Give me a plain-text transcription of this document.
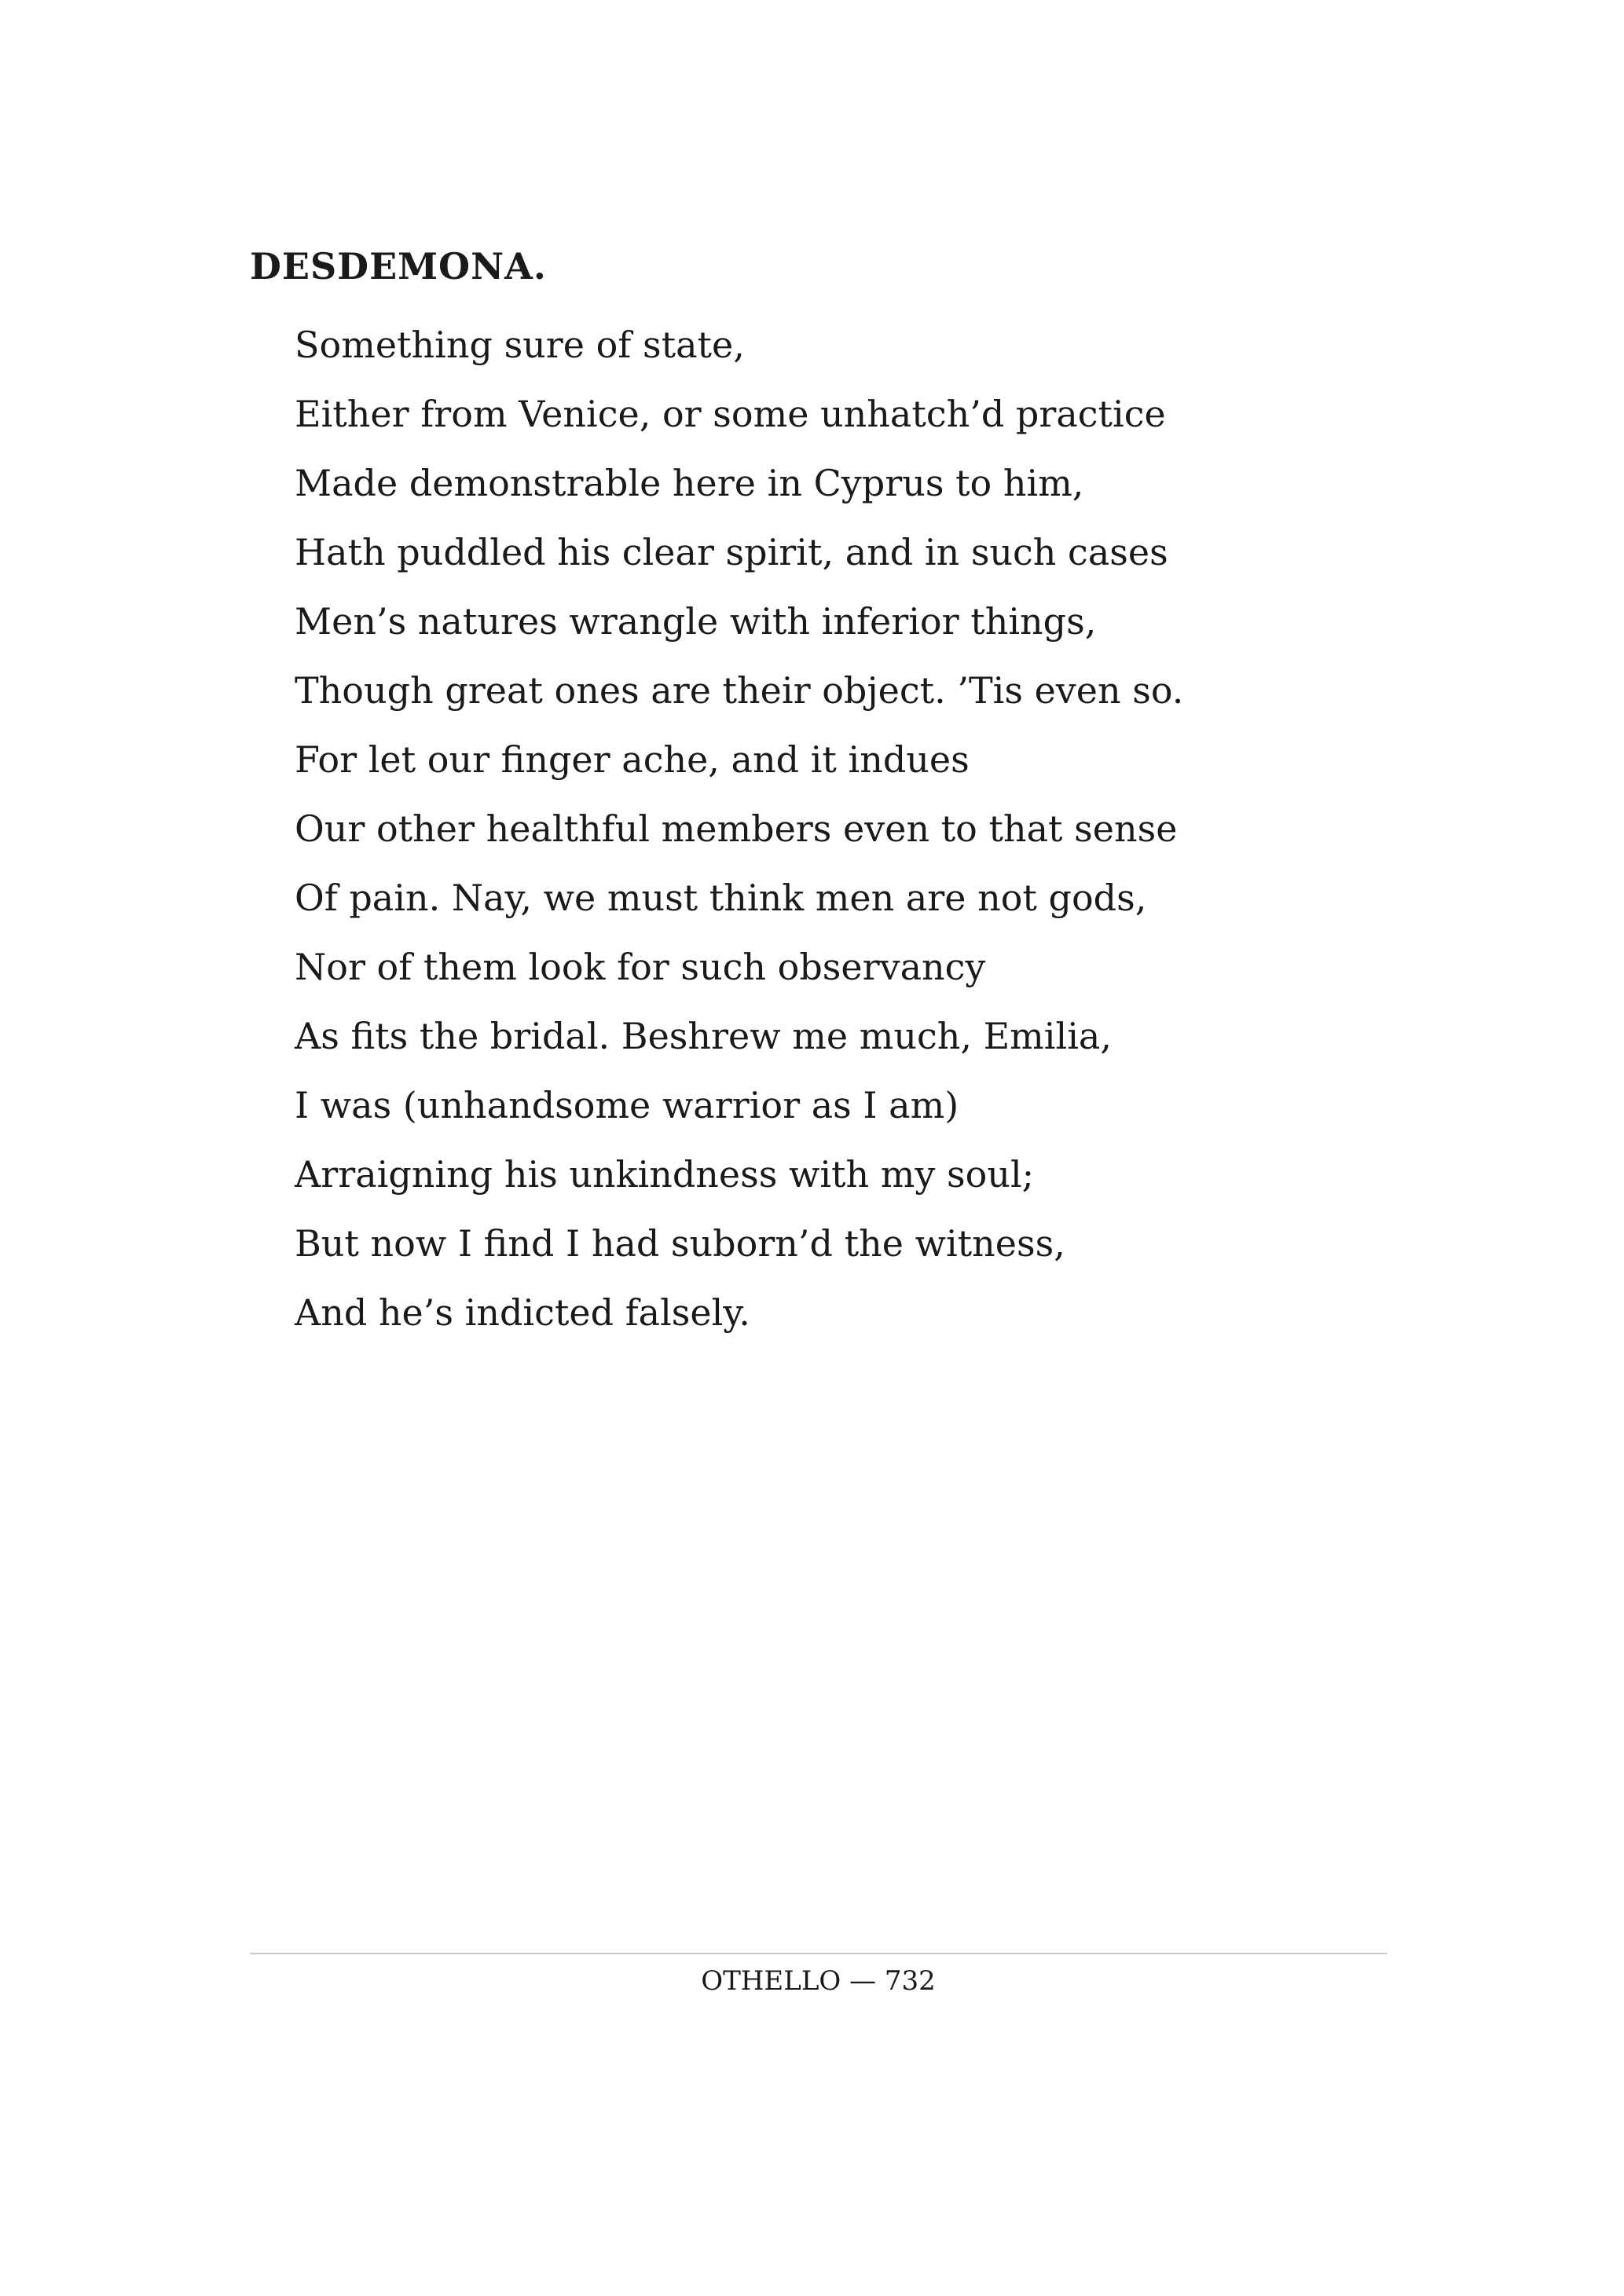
DESDEMONA.
Something sure of state,
Either from Venice, or some unhatch’d practice
Made demonstrable here in Cyprus to him,
Hath puddled his clear spirit, and in such cases
Men’s natures wrangle with inferior things,
Though great ones are their object. ’Tis even so.
For let our finger ache, and it indues
Our other healthful members even to that sense
Of pain. Nay, we must think men are not gods,
Nor of them look for such observancy
As fits the bridal. Beshrew me much, Emilia,
I was (unhandsome warrior as I am)
Arraigning his unkindness with my soul;
But now I find I had suborn’d the witness,
And he’s indicted falsely.
OTHELLO — 732
